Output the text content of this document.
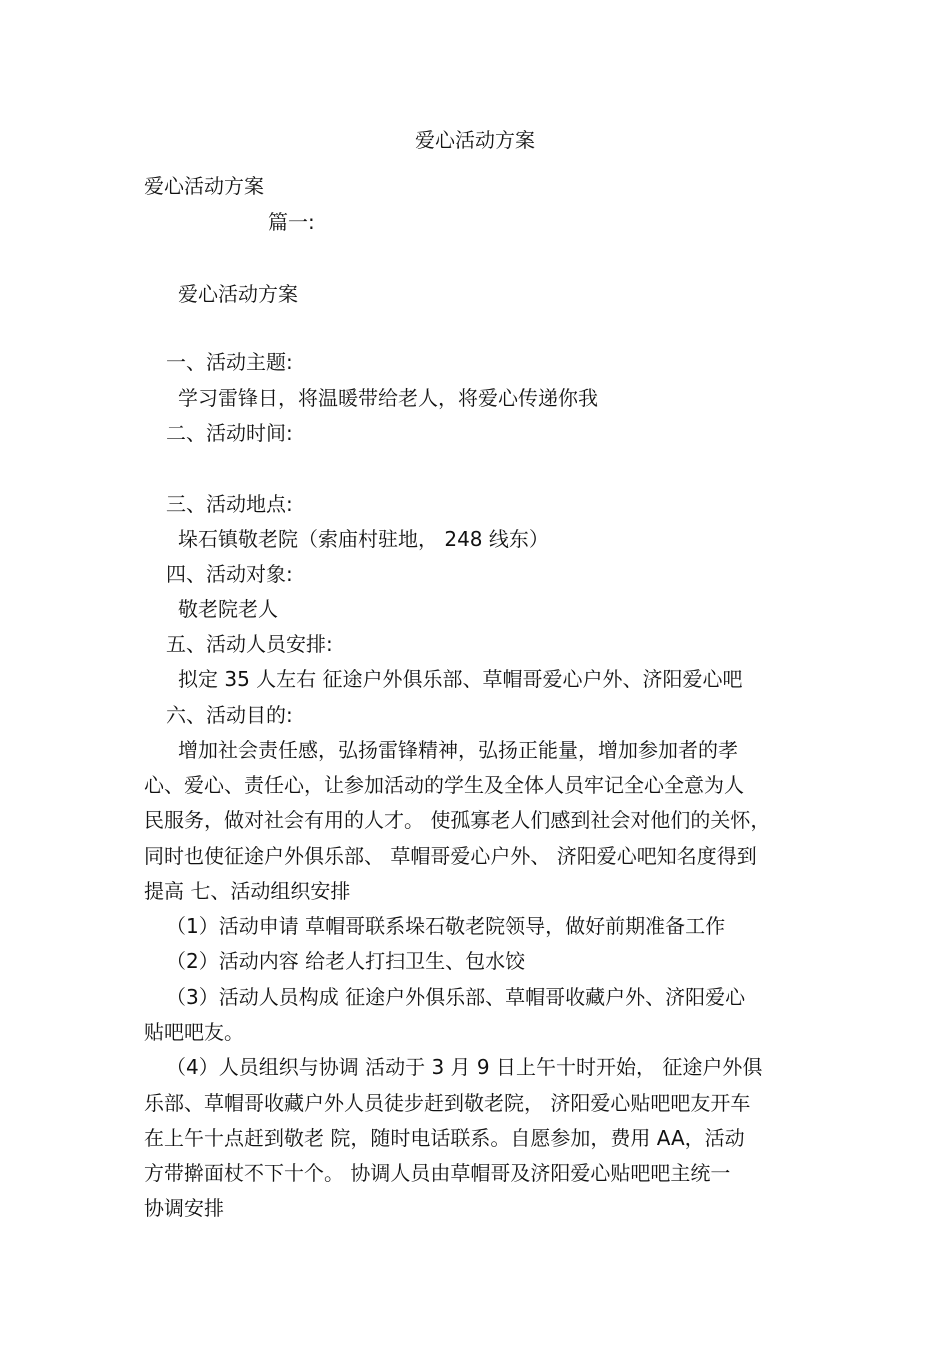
爱心活动方案
爱心活动方案
篇一:
爱心活动方案
一、活动主题:
学习雷锋日，将温暖带给老人，将爱心传递你我
二、活动时间:
三、活动地点:
垛石镇敬老院（索庙村驻地， 248 线东）
四、活动对象:
敬老院老人
五、活动人员安排:
拟定 35 人左右 征途户外俱乐部、草帽哥爱心户外、济阳爱心吧
六、活动目的:
增加社会责任感，弘扬雷锋精神，弘扬正能量，增加参加者的孝
心、爱心、责任心，让参加活动的学生及全体人员牢记全心全意为人
民服务，做对社会有用的人才。 使孤寡老人们感到社会对他们的关怀，
同时也使征途户外俱乐部、 草帽哥爱心户外、 济阳爱心吧知名度得到
提高 七、活动组织安排
（1）活动申请 草帽哥联系垛石敬老院领导，做好前期准备工作
（2）活动内容 给老人打扫卫生、包水饺
（3）活动人员构成 征途户外俱乐部、草帽哥收藏户外、济阳爱心
贴吧吧友。
（4）人员组织与协调 活动于 3 月 9 日上午十时开始， 征途户外俱
乐部、草帽哥收藏户外人员徒步赶到敬老院， 济阳爱心贴吧吧友开车
在上午十点赶到敬老 院，随时电话联系。自愿参加，费用 AA，活动
方带擀面杖不下十个。 协调人员由草帽哥及济阳爱心贴吧吧主统一
协调安排
